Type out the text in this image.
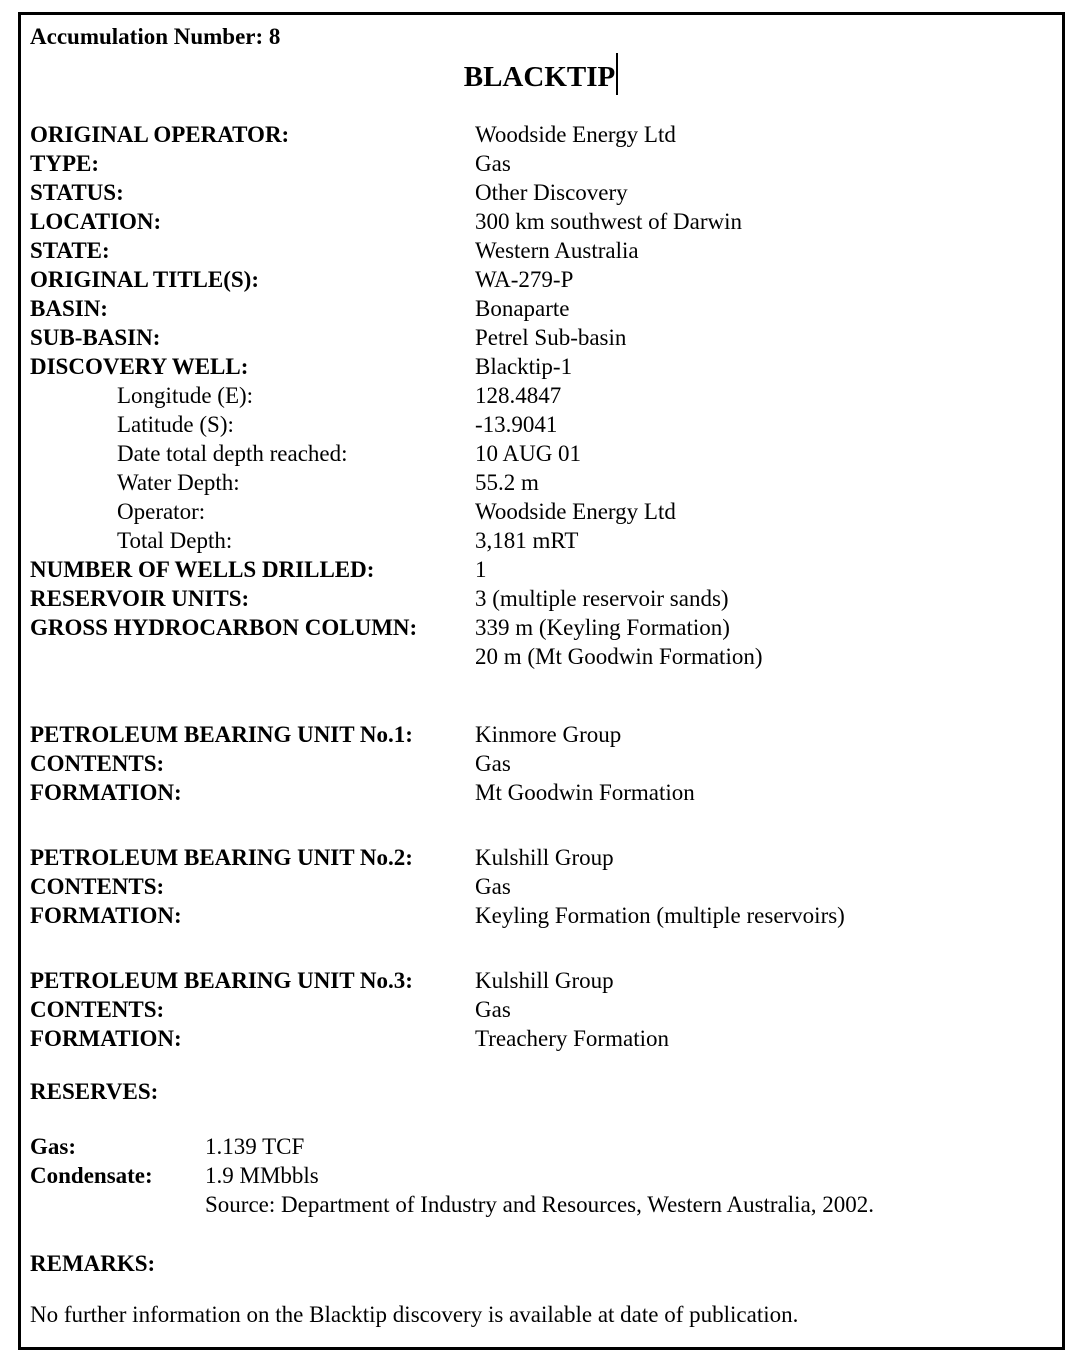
Accumulation Number: 8
BLACKTIP
ORIGINAL OPERATOR:	Woodside Energy Ltd
TYPE:	Gas
STATUS:	Other Discovery
LOCATION:	300 km southwest of Darwin
STATE:	Western Australia
ORIGINAL TITLE(S):	WA-279-P
BASIN:	Bonaparte
SUB-BASIN:	Petrel Sub-basin
DISCOVERY WELL:	Blacktip-1
Longitude (E):	128.4847
Latitude (S):	-13.9041
Date total depth reached:	10 AUG 01
Water Depth:	55.2 m
Operator:	Woodside Energy Ltd
Total Depth:	3,181 mRT
NUMBER OF WELLS DRILLED:	1
RESERVOIR UNITS:	3 (multiple reservoir sands)
GROSS HYDROCARBON COLUMN:	339 m (Keyling Formation)
20 m (Mt Goodwin Formation)
PETROLEUM BEARING UNIT No.1:	Kinmore Group
CONTENTS:	Gas
FORMATION:	Mt Goodwin Formation
PETROLEUM BEARING UNIT No.2:	Kulshill Group
CONTENTS:	Gas
FORMATION:	Keyling Formation (multiple reservoirs)
PETROLEUM BEARING UNIT No.3:	Kulshill Group
CONTENTS:	Gas
FORMATION:	Treachery Formation
RESERVES:
Gas:	1.139 TCF
Condensate:	1.9 MMbbls
Source: Department of Industry and Resources, Western Australia, 2002.
REMARKS:
No further information on the Blacktip discovery is available at date of publication.
